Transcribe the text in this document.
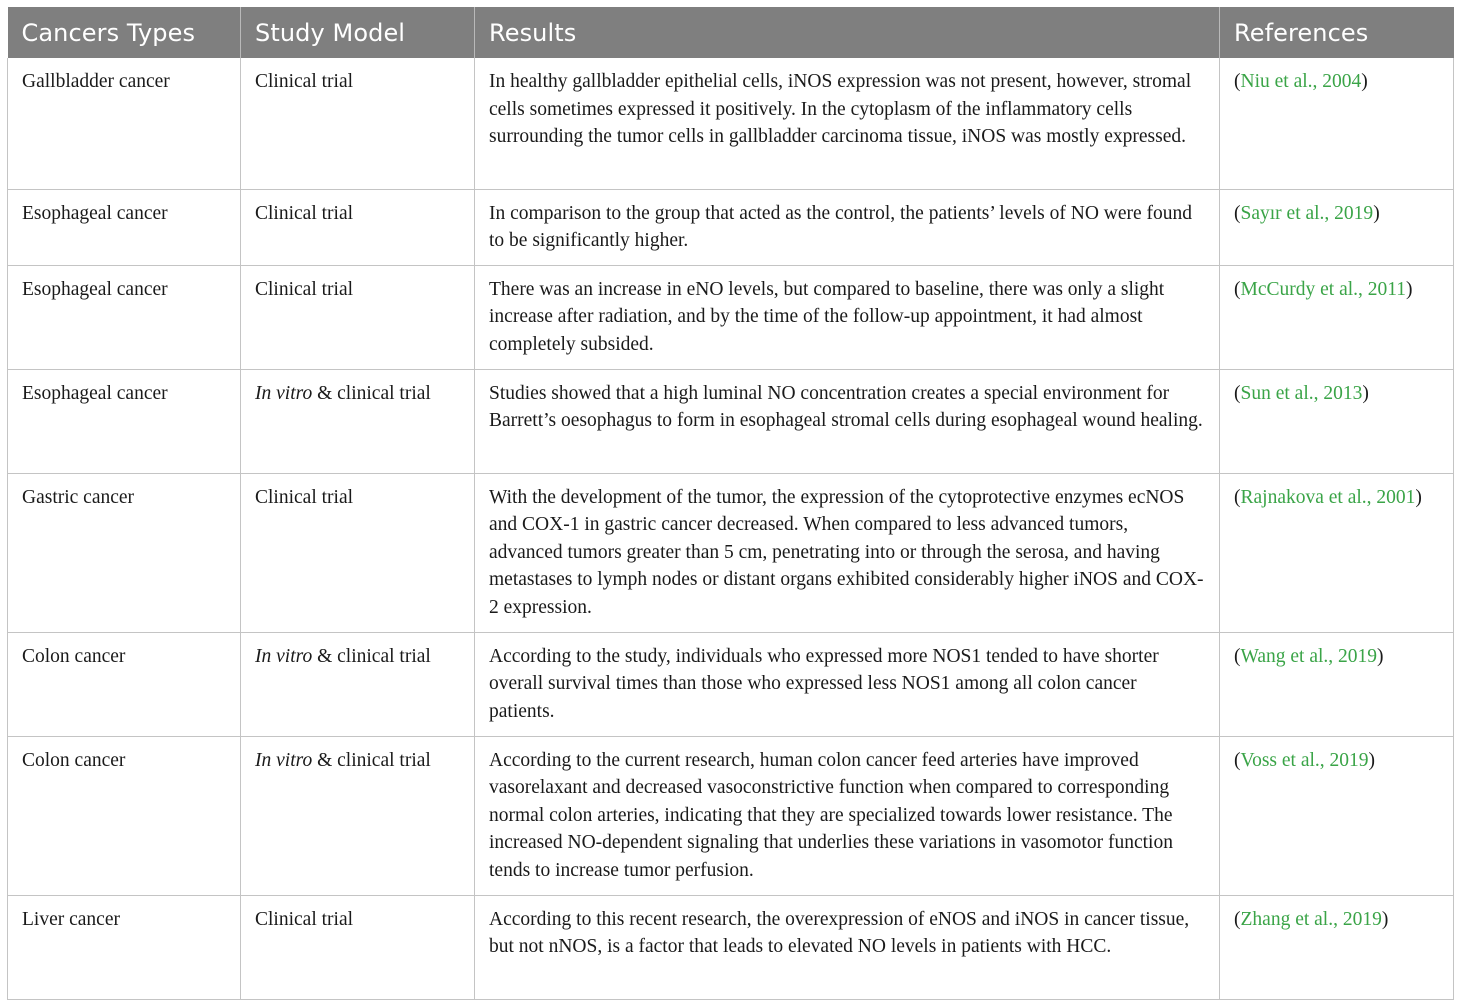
Cancers Types	Study Model	Results	References
Gallbladder cancer	Clinical trial	In healthy gallbladder epithelial cells, iNOS expression was not present, however, stromal cells sometimes expressed it positively. In the cytoplasm of the inflammatory cells surrounding the tumor cells in gallbladder carcinoma tissue, iNOS was mostly expressed.	(Niu et al., 2004)
Esophageal cancer	Clinical trial	In comparison to the group that acted as the control, the patients’ levels of NO were found to be significantly higher.	(Sayır et al., 2019)
Esophageal cancer	Clinical trial	There was an increase in eNO levels, but compared to baseline, there was only a slight increase after radiation, and by the time of the follow-up appointment, it had almost completely subsided.	(McCurdy et al., 2011)
Esophageal cancer	In vitro & clinical trial	Studies showed that a high luminal NO concentration creates a special environment for Barrett’s oesophagus to form in esophageal stromal cells during esophageal wound healing.	(Sun et al., 2013)
Gastric cancer	Clinical trial	With the development of the tumor, the expression of the cytoprotective enzymes ecNOS and COX-1 in gastric cancer decreased. When compared to less advanced tumors, advanced tumors greater than 5 cm, penetrating into or through the serosa, and having metastases to lymph nodes or distant organs exhibited considerably higher iNOS and COX-2 expression.	(Rajnakova et al., 2001)
Colon cancer	In vitro & clinical trial	According to the study, individuals who expressed more NOS1 tended to have shorter overall survival times than those who expressed less NOS1 among all colon cancer patients.	(Wang et al., 2019)
Colon cancer	In vitro & clinical trial	According to the current research, human colon cancer feed arteries have improved vasorelaxant and decreased vasoconstrictive function when compared to corresponding normal colon arteries, indicating that they are specialized towards lower resistance. The increased NO-dependent signaling that underlies these variations in vasomotor function tends to increase tumor perfusion.	(Voss et al., 2019)
Liver cancer	Clinical trial	According to this recent research, the overexpression of eNOS and iNOS in cancer tissue, but not nNOS, is a factor that leads to elevated NO levels in patients with HCC.	(Zhang et al., 2019)
